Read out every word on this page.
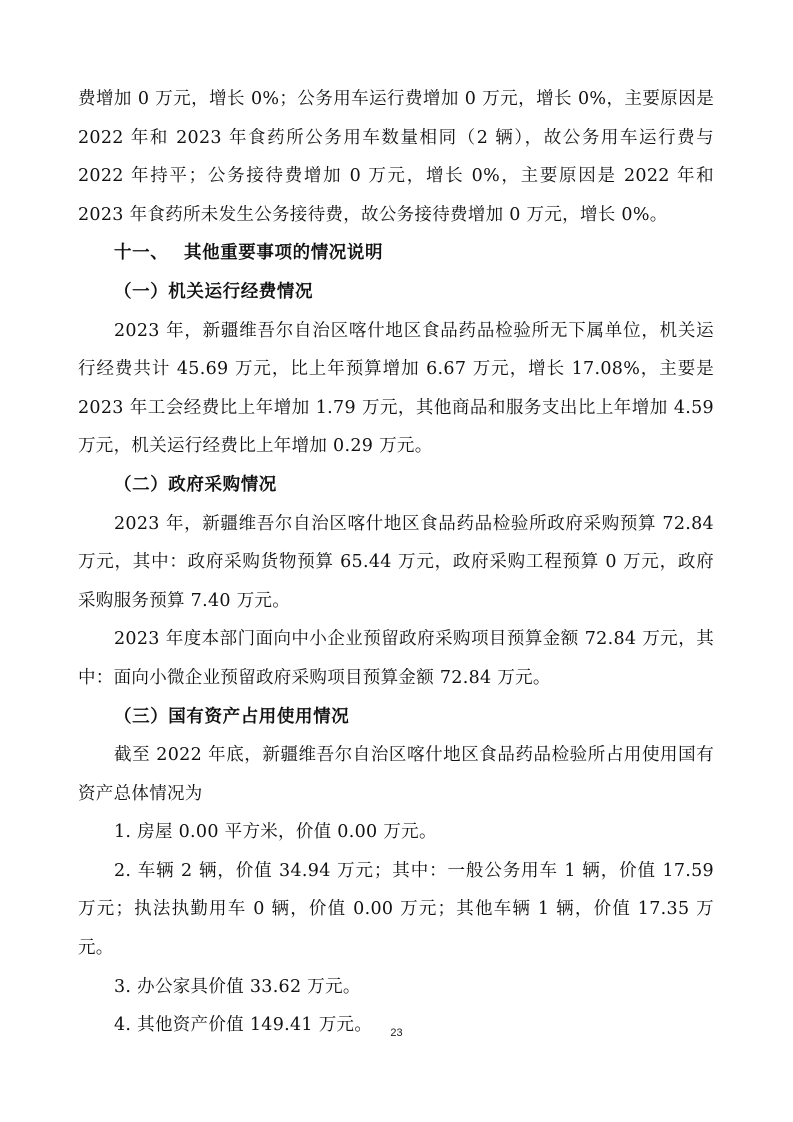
费增加 0 万元，增长 0%；公务用车运行费增加 0 万元，增长 0%，主要原因是 2022 年和 2023 年食药所公务用车数量相同（2 辆），故公务用车运行费与 2022 年持平；公务接待费增加 0 万元，增长 0%，主要原因是 2022 年和 2023 年食药所未发生公务接待费，故公务接待费增加 0 万元，增长 0%。

十一、 其他重要事项的情况说明
（一）机关运行经费情况

2023 年，新疆维吾尔自治区喀什地区食品药品检验所无下属单位，机关运行经费共计 45.69 万元，比上年预算增加 6.67 万元，增长 17.08%，主要是 2023 年工会经费比上年增加 1.79 万元，其他商品和服务支出比上年增加 4.59 万元，机关运行经费比上年增加 0.29 万元。

（二）政府采购情况

2023 年，新疆维吾尔自治区喀什地区食品药品检验所政府采购预算 72.84 万元，其中：政府采购货物预算 65.44 万元，政府采购工程预算 0 万元，政府采购服务预算 7.40 万元。

2023 年度本部门面向中小企业预留政府采购项目预算金额 72.84 万元，其中：面向小微企业预留政府采购项目预算金额 72.84 万元。

（三）国有资产占用使用情况

截至 2022 年底，新疆维吾尔自治区喀什地区食品药品检验所占用使用国有资产总体情况为

1. 房屋 0.00 平方米，价值 0.00 万元。

2. 车辆 2 辆，价值 34.94 万元；其中：一般公务用车 1 辆，价值 17.59 万元；执法执勤用车 0 辆，价值 0.00 万元；其他车辆 1 辆，价值 17.35 万元。

3. 办公家具价值 33.62 万元。

4. 其他资产价值 149.41 万元。	23
